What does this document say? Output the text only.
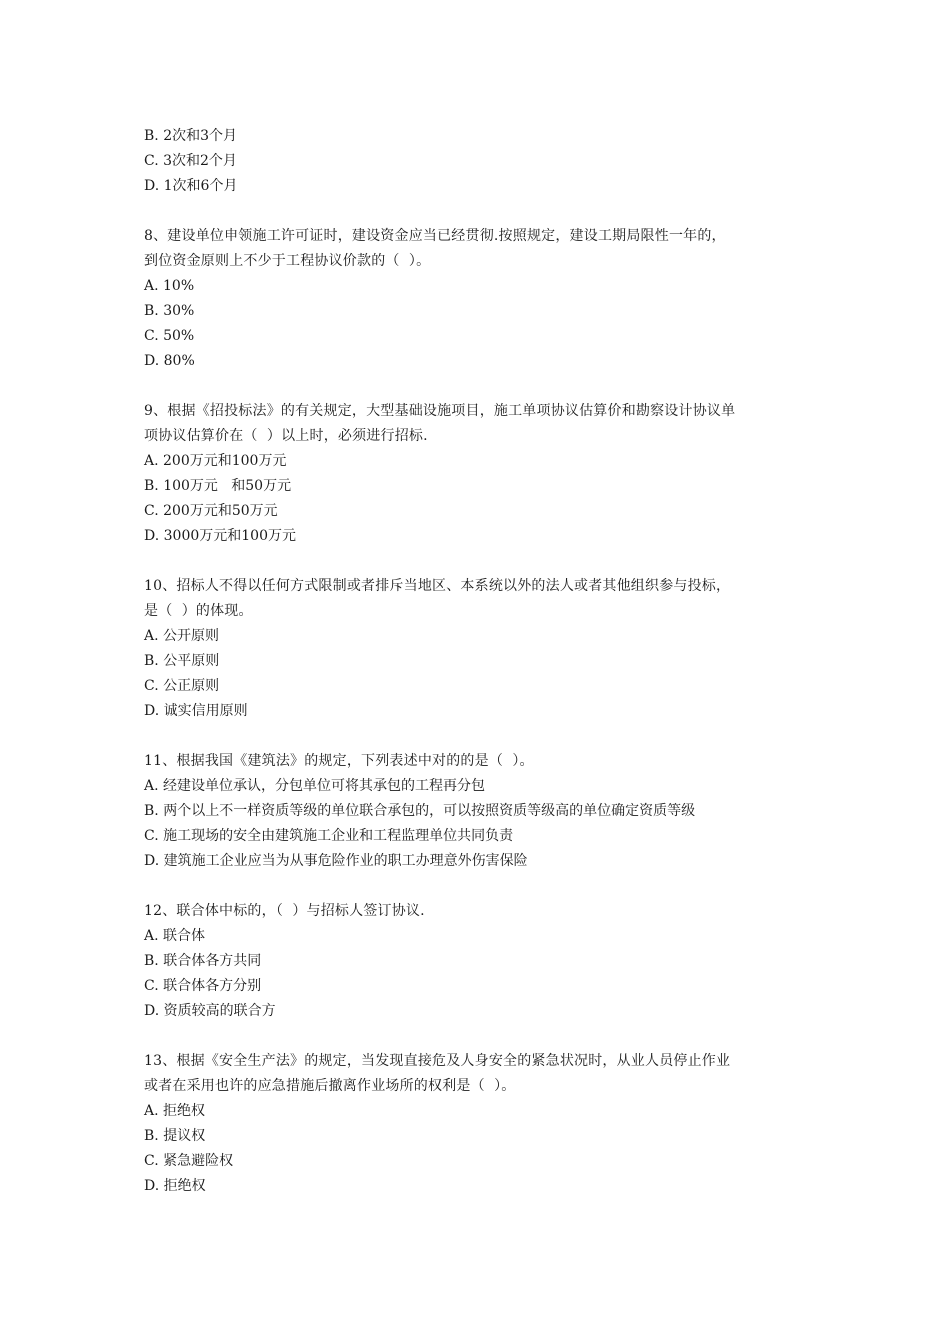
B. 2次和3个月
C. 3次和2个月
D. 1次和6个月
8、建设单位申领施工许可证时，建设资金应当已经贯彻.按照规定，建设工期局限性一年的，
到位资金原则上不少于工程协议价款的（  ）。
A. 10%
B. 30%
C. 50%
D. 80%
9、根据《招投标法》的有关规定，大型基础设施项目，施工单项协议估算价和勘察设计协议单
项协议估算价在（  ）以上时，必须进行招标.
A. 200万元和100万元
B. 100万元   和50万元
C. 200万元和50万元
D. 3000万元和100万元
10、招标人不得以任何方式限制或者排斥当地区、本系统以外的法人或者其他组织参与投标，
是（  ）的体现。
A. 公开原则
B. 公平原则
C. 公正原则
D. 诚实信用原则
11、根据我国《建筑法》的规定，下列表述中对的的是（  ）。
A. 经建设单位承认，分包单位可将其承包的工程再分包
B. 两个以上不一样资质等级的单位联合承包的，可以按照资质等级高的单位确定资质等级
C. 施工现场的安全由建筑施工企业和工程监理单位共同负责
D. 建筑施工企业应当为从事危险作业的职工办理意外伤害保险
12、联合体中标的，（  ）与招标人签订协议.
A. 联合体
B. 联合体各方共同
C. 联合体各方分别
D. 资质较高的联合方
13、根据《安全生产法》的规定，当发现直接危及人身安全的紧急状况时，从业人员停止作业
或者在采用也许的应急措施后撤离作业场所的权利是（  ）。
A. 拒绝权
B. 提议权
C. 紧急避险权
D. 拒绝权
